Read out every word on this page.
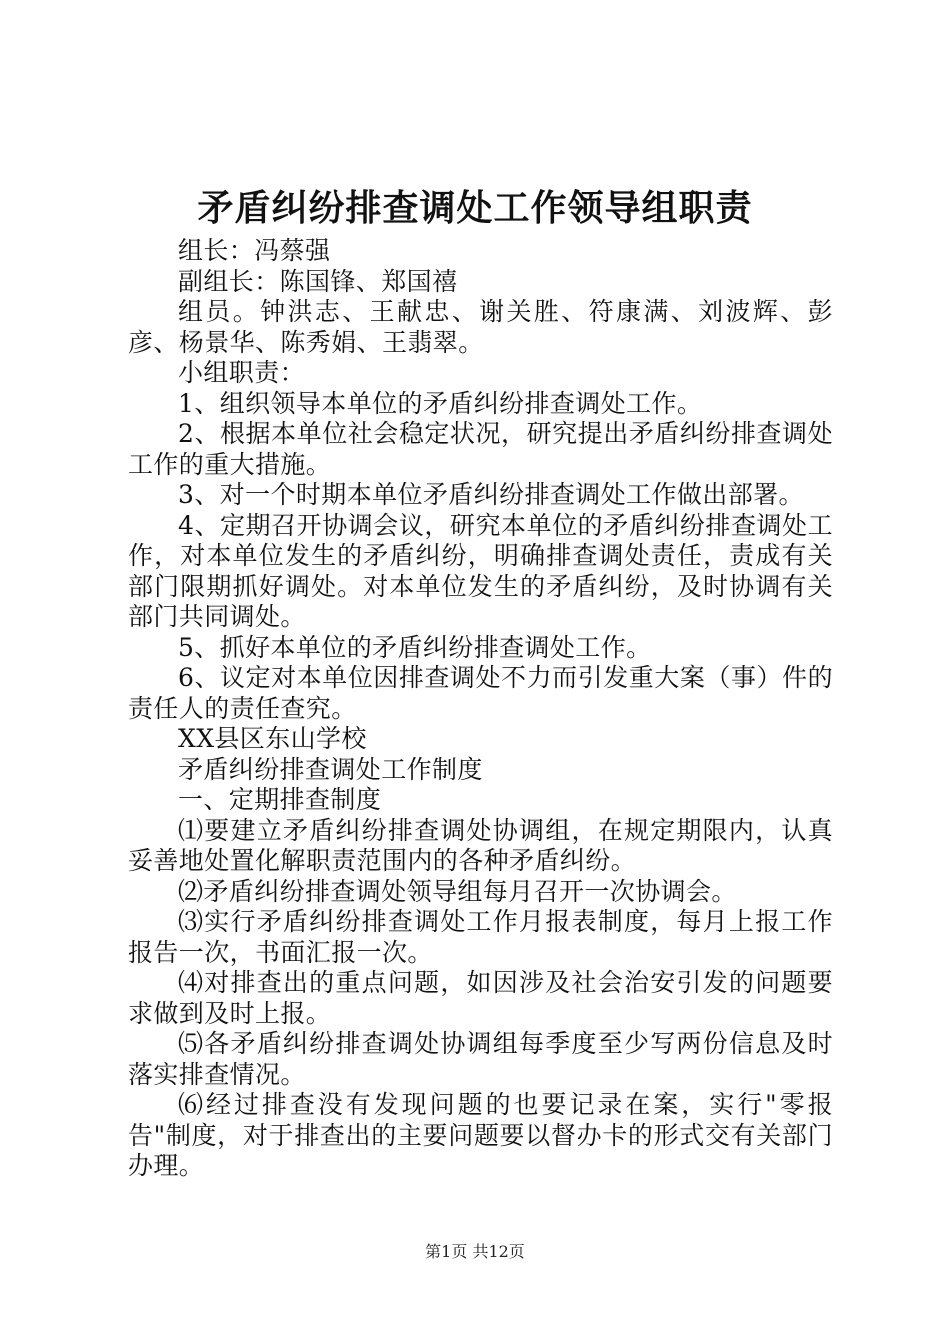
矛盾纠纷排查调处工作领导组职责

组长：冯蔡强

副组长：陈国锋、郑国禧

组员。钟洪志、王献忠、谢关胜、符康满、刘波辉、彭彦、杨景华、陈秀娟、王翡翠。

小组职责：

1、组织领导本单位的矛盾纠纷排查调处工作。

2、根据本单位社会稳定状况，研究提出矛盾纠纷排查调处工作的重大措施。

3、对一个时期本单位矛盾纠纷排查调处工作做出部署。

4、定期召开协调会议，研究本单位的矛盾纠纷排查调处工作，对本单位发生的矛盾纠纷，明确排查调处责任，责成有关部门限期抓好调处。对本单位发生的矛盾纠纷，及时协调有关部门共同调处。

5、抓好本单位的矛盾纠纷排查调处工作。

6、议定对本单位因排查调处不力而引发重大案（事）件的责任人的责任查究。

XX县区东山学校

矛盾纠纷排查调处工作制度

一、定期排查制度

⑴要建立矛盾纠纷排查调处协调组，在规定期限内，认真妥善地处置化解职责范围内的各种矛盾纠纷。

⑵矛盾纠纷排查调处领导组每月召开一次协调会。

⑶实行矛盾纠纷排查调处工作月报表制度，每月上报工作报告一次，书面汇报一次。

⑷对排查出的重点问题，如因涉及社会治安引发的问题要求做到及时上报。

⑸各矛盾纠纷排查调处协调组每季度至少写两份信息及时落实排查情况。

⑹经过排查没有发现问题的也要记录在案，实行"零报告"制度，对于排查出的主要问题要以督办卡的形式交有关部门办理。

第1页 共12页
